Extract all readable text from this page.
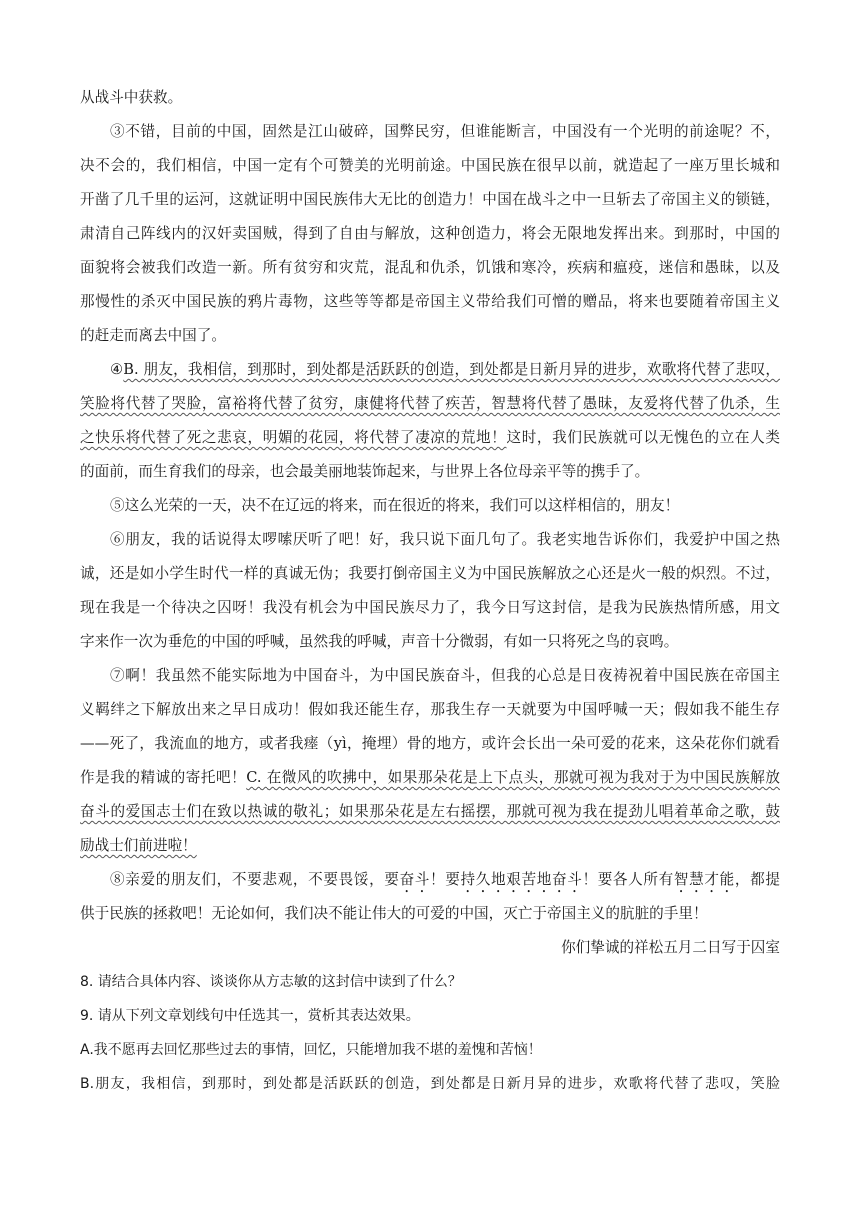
从战斗中获救。
③不错，目前的中国，固然是江山破碎，国弊民穷，但谁能断言，中国没有一个光明的前途呢？不，
决不会的，我们相信，中国一定有个可赞美的光明前途。中国民族在很早以前，就造起了一座万里长城和
开凿了几千里的运河，这就证明中国民族伟大无比的创造力！中国在战斗之中一旦斩去了帝国主义的锁链，
肃清自己阵线内的汉奸卖国贼，得到了自由与解放，这种创造力，将会无限地发挥出来。到那时，中国的
面貌将会被我们改造一新。所有贫穷和灾荒，混乱和仇杀，饥饿和寒冷，疾病和瘟疫，迷信和愚昧，以及
那慢性的杀灭中国民族的鸦片毒物，这些等等都是帝国主义带给我们可憎的赠品，将来也要随着帝国主义
的赶走而离去中国了。
④B. 朋友，我相信，到那时，到处都是活跃跃的创造，到处都是日新月异的进步，欢歌将代替了悲叹，
笑脸将代替了哭脸，富裕将代替了贫穷，康健将代替了疾苦，智慧将代替了愚昧，友爱将代替了仇杀，生
之快乐将代替了死之悲哀，明媚的花园，将代替了凄凉的荒地！这时，我们民族就可以无愧色的立在人类
的面前，而生育我们的母亲，也会最美丽地装饰起来，与世界上各位母亲平等的携手了。
⑤这么光荣的一天，决不在辽远的将来，而在很近的将来，我们可以这样相信的，朋友！
⑥朋友，我的话说得太啰嗦厌听了吧！好，我只说下面几句了。我老实地告诉你们，我爱护中国之热
诚，还是如小学生时代一样的真诚无伪；我要打倒帝国主义为中国民族解放之心还是火一般的炽烈。不过，
现在我是一个待决之囚呀！我没有机会为中国民族尽力了，我今日写这封信，是我为民族热情所感，用文
字来作一次为垂危的中国的呼喊，虽然我的呼喊，声音十分微弱，有如一只将死之鸟的哀鸣。
⑦啊！我虽然不能实际地为中国奋斗，为中国民族奋斗，但我的心总是日夜祷祝着中国民族在帝国主
义羁绊之下解放出来之早日成功！假如我还能生存，那我生存一天就要为中国呼喊一天；假如我不能生存
——死了，我流血的地方，或者我瘗（yì，掩埋）骨的地方，或许会长出一朵可爱的花来，这朵花你们就看
作是我的精诚的寄托吧！C. 在微风的吹拂中，如果那朵花是上下点头，那就可视为我对于为中国民族解放
奋斗的爱国志士们在致以热诚的敬礼；如果那朵花是左右摇摆，那就可视为我在提劲儿唱着革命之歌，鼓
励战士们前进啦！
⑧亲爱的朋友们，不要悲观，不要畏馁，要奋斗！要持久地艰苦地奋斗！要各人所有智慧才能，都提
供于民族的拯救吧！无论如何，我们决不能让伟大的可爱的中国，灭亡于帝国主义的肮脏的手里！
你们挚诚的祥松五月二日写于囚室
8. 请结合具体内容、谈谈你从方志敏的这封信中读到了什么？
9. 请从下列文章划线句中任选其一，赏析其表达效果。
A.我不愿再去回忆那些过去的事情，回忆，只能增加我不堪的羞愧和苦恼！
B.朋友，我相信，到那时，到处都是活跃跃的创造，到处都是日新月异的进步，欢歌将代替了悲叹，笑脸
